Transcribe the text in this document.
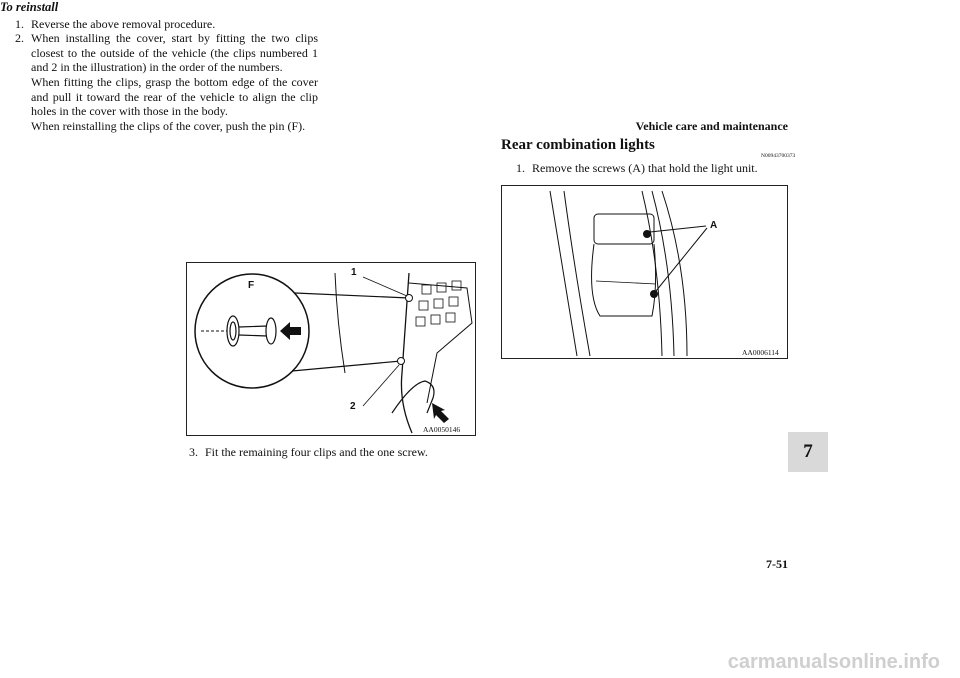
Vehicle care and maintenance

To reinstall

1. Reverse the above removal procedure.

2. When installing the cover, start by fitting the two clips closest to the outside of the vehicle (the clips numbered 1 and 2 in the illustration) in the order of the numbers.
When fitting the clips, grasp the bottom edge of the cover and pull it toward the rear of the vehicle to align the clip holes in the cover with those in the body.
When reinstalling the clips of the cover, push the pin (F).

1
2
F
AA0050146

3. Fit the remaining four clips and the one screw.

Rear combination lights
N00943700373

1. Remove the screws (A) that hold the light unit.

A
AA0006114
7
7-51
carmanualsonline.info
